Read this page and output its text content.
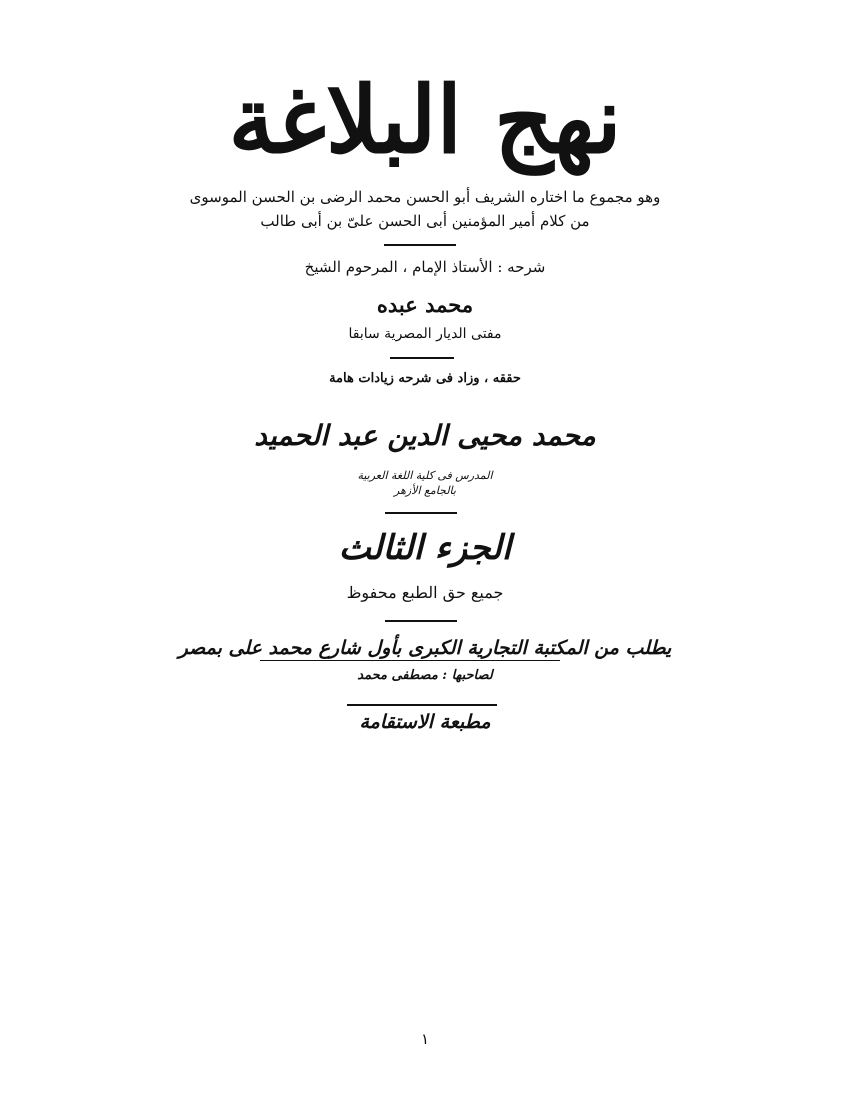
نهج البلاغة
وهو مجموع ما اختاره الشريف أبو الحسن محمد الرضى بن الحسن الموسوى
من كلام أمير المؤمنين أبى الحسن علىّ بن أبى طالب
شرحه : الأستاذ الإمام ، المرحوم الشيخ
محمد عبده
مفتى الديار المصرية سابقا
حققه ، وزاد فى شرحه زيادات هامة
محمد محيى الدين عبد الحميد
المدرس فى كلية اللغة العربية
بالجامع الأزهر
الجزء الثالث
جميع حق الطبع محفوظ
يطلب من المكتبة التجارية الكبرى بأول شارع محمد على بمصر
لصاحبها : مصطفى محمد
مطبعة الاستقامة
١
